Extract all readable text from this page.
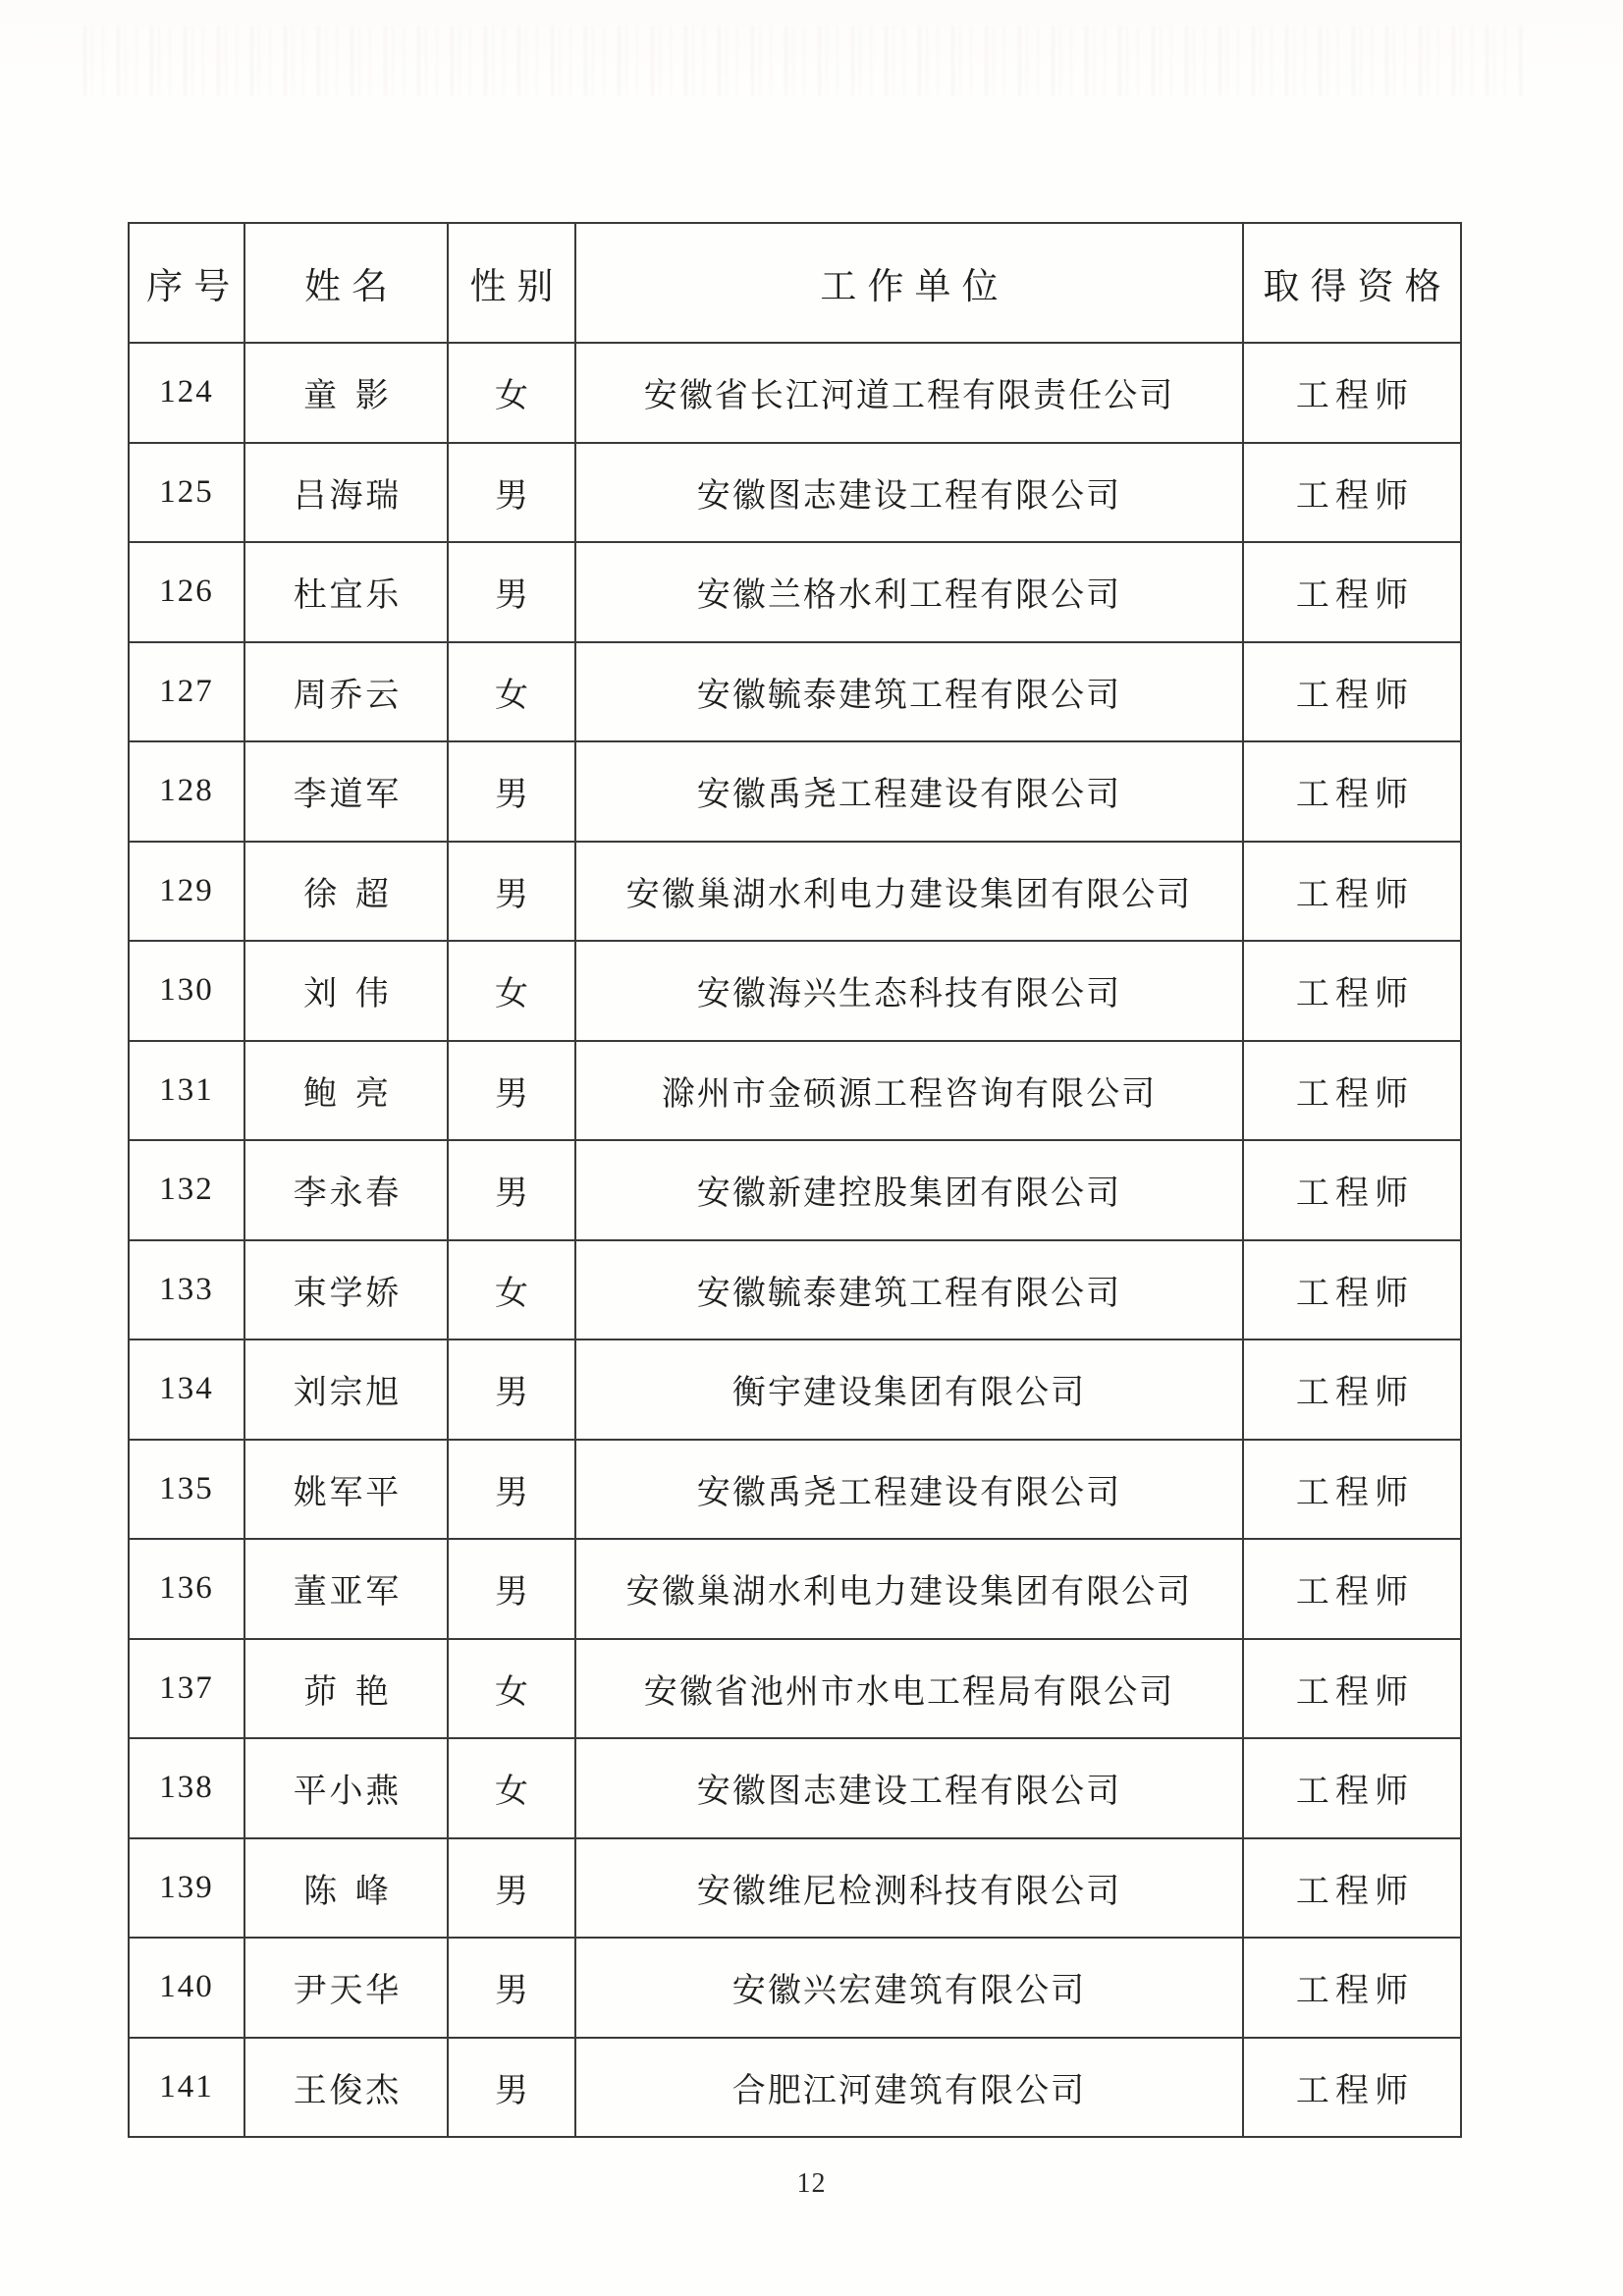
序号	姓名	性别	工作单位	取得资格
124	童影	女	安徽省长江河道工程有限责任公司	工程师
125	吕海瑞	男	安徽图志建设工程有限公司	工程师
126	杜宜乐	男	安徽兰格水利工程有限公司	工程师
127	周乔云	女	安徽毓泰建筑工程有限公司	工程师
128	李道军	男	安徽禹尧工程建设有限公司	工程师
129	徐超	男	安徽巢湖水利电力建设集团有限公司	工程师
130	刘伟	女	安徽海兴生态科技有限公司	工程师
131	鲍亮	男	滁州市金硕源工程咨询有限公司	工程师
132	李永春	男	安徽新建控股集团有限公司	工程师
133	束学娇	女	安徽毓泰建筑工程有限公司	工程师
134	刘宗旭	男	衡宇建设集团有限公司	工程师
135	姚军平	男	安徽禹尧工程建设有限公司	工程师
136	董亚军	男	安徽巢湖水利电力建设集团有限公司	工程师
137	茆艳	女	安徽省池州市水电工程局有限公司	工程师
138	平小燕	女	安徽图志建设工程有限公司	工程师
139	陈峰	男	安徽维尼检测科技有限公司	工程师
140	尹天华	男	安徽兴宏建筑有限公司	工程师
141	王俊杰	男	合肥江河建筑有限公司	工程师
12
